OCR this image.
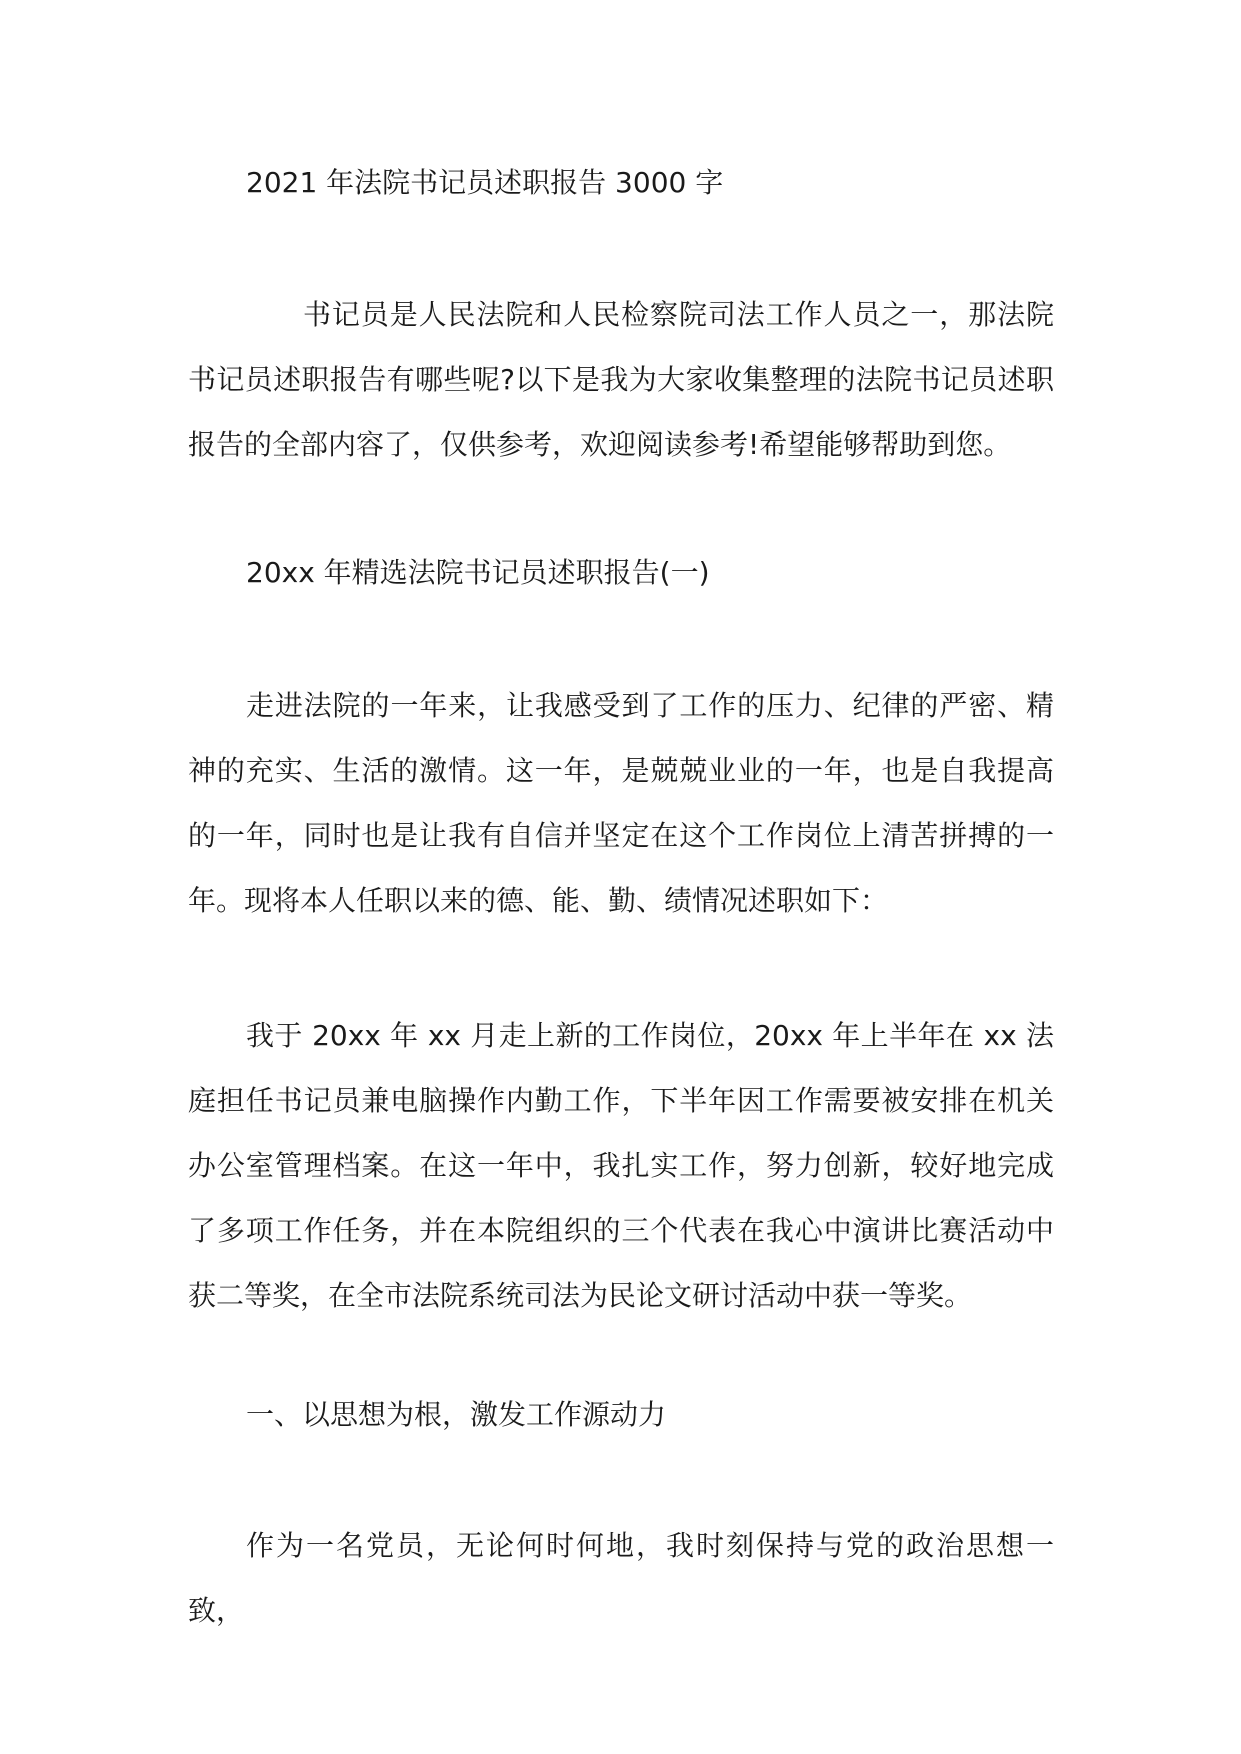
2021 年法院书记员述职报告 3000 字

书记员是人民法院和人民检察院司法工作人员之一，那法院书记员述职报告有哪些呢?以下是我为大家收集整理的法院书记员述职报告的全部内容了，仅供参考，欢迎阅读参考!希望能够帮助到您。

20xx 年精选法院书记员述职报告(一)

走进法院的一年来，让我感受到了工作的压力、纪律的严密、精神的充实、生活的激情。这一年，是兢兢业业的一年，也是自我提高的一年，同时也是让我有自信并坚定在这个工作岗位上清苦拼搏的一年。现将本人任职以来的德、能、勤、绩情况述职如下：

我于 20xx 年 xx 月走上新的工作岗位，20xx 年上半年在 xx 法庭担任书记员兼电脑操作内勤工作，下半年因工作需要被安排在机关办公室管理档案。在这一年中，我扎实工作，努力创新，较好地完成了多项工作任务，并在本院组织的三个代表在我心中演讲比赛活动中获二等奖，在全市法院系统司法为民论文研讨活动中获一等奖。

一、以思想为根，激发工作源动力

作为一名党员，无论何时何地，我时刻保持与党的政治思想一致，
